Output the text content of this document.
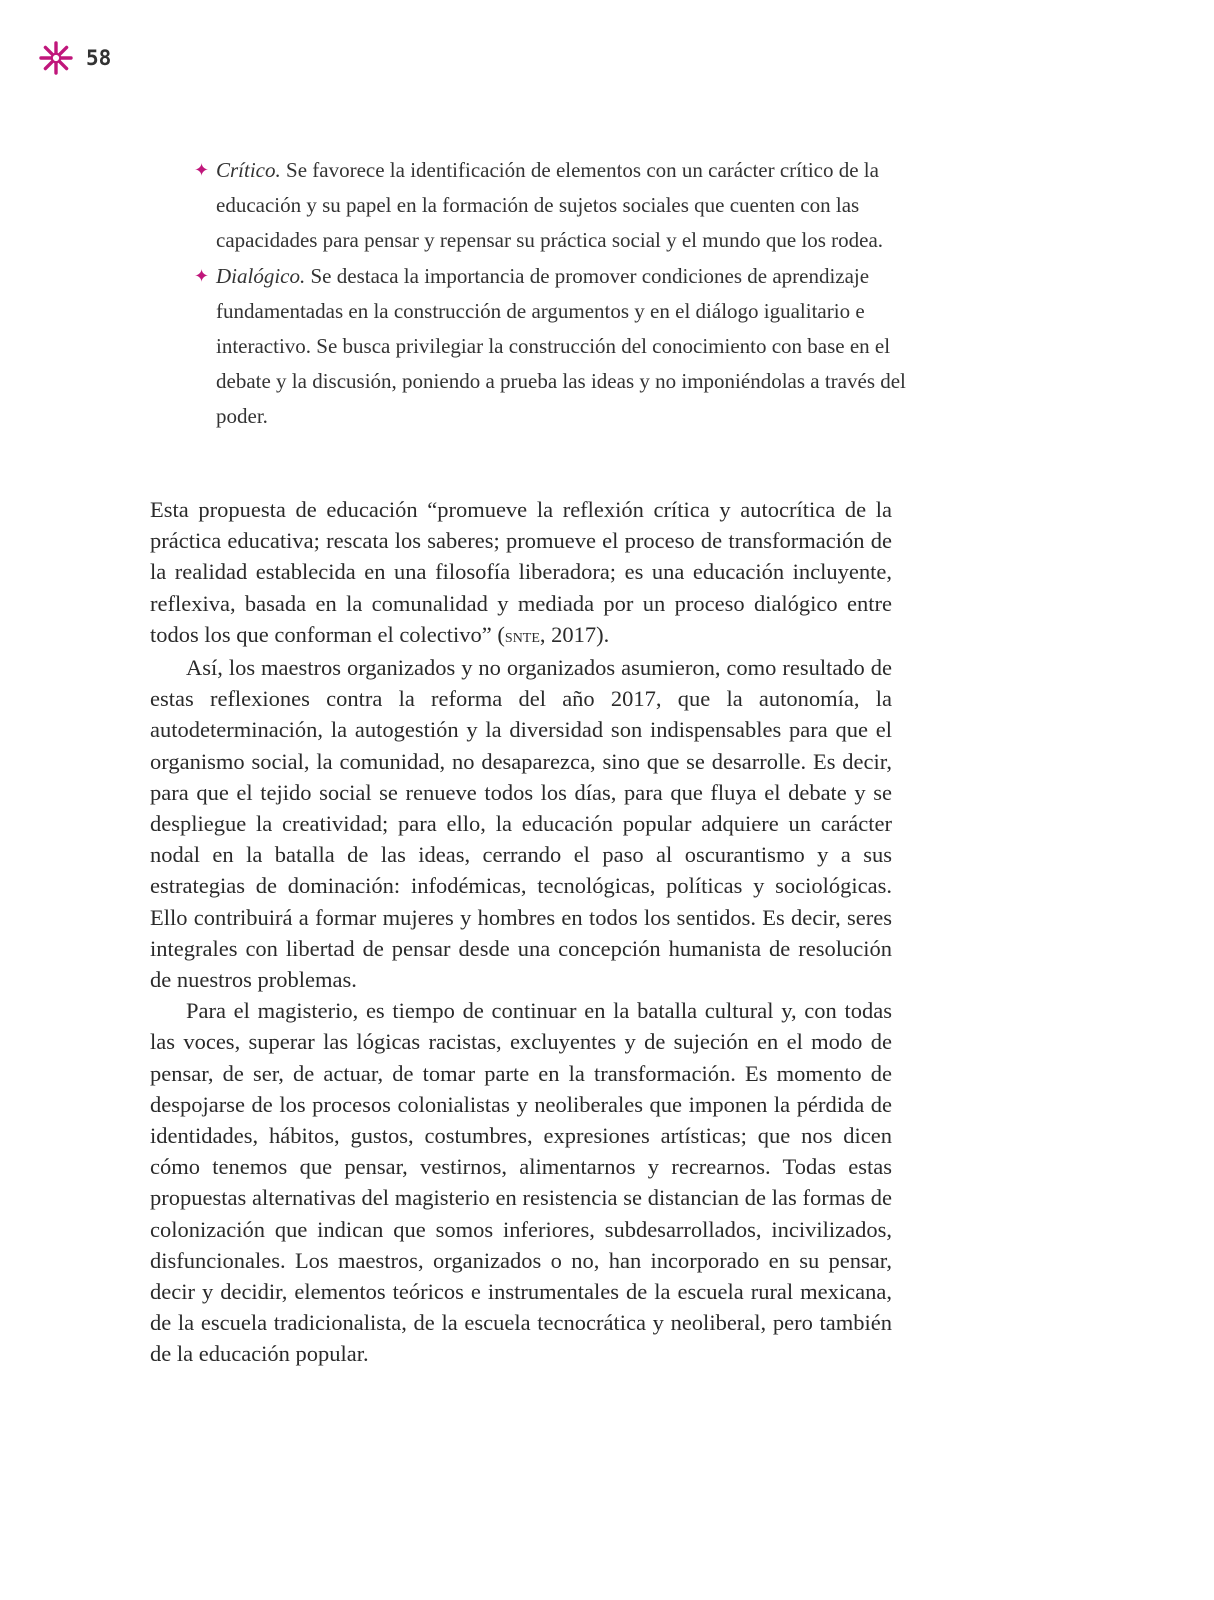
58
✦ Crítico. Se favorece la identificación de elementos con un carácter crítico de la educación y su papel en la formación de sujetos sociales que cuenten con las capacidades para pensar y repensar su práctica social y el mundo que los rodea.
✦ Dialógico. Se destaca la importancia de promover condiciones de aprendizaje fundamentadas en la construcción de argumentos y en el diálogo igualitario e interactivo. Se busca privilegiar la construcción del conocimiento con base en el debate y la discusión, poniendo a prueba las ideas y no imponiéndolas a través del poder.

Esta propuesta de educación “promueve la reflexión crítica y autocrítica de la práctica educativa; rescata los saberes; promueve el proceso de transformación de la realidad establecida en una filosofía liberadora; es una educación incluyente, reflexiva, basada en la comunalidad y mediada por un proceso dialógico entre todos los que conforman el colectivo” (snte, 2017).

Así, los maestros organizados y no organizados asumieron, como resultado de estas reflexiones contra la reforma del año 2017, que la autonomía, la autodeterminación, la autogestión y la diversidad son indispensables para que el organismo social, la comunidad, no desaparezca, sino que se desarrolle. Es decir, para que el tejido social se renueve todos los días, para que fluya el debate y se despliegue la creatividad; para ello, la educación popular adquiere un carácter nodal en la batalla de las ideas, cerrando el paso al oscurantismo y a sus estrategias de dominación: infodémicas, tecnológicas, políticas y sociológicas. Ello contribuirá a formar mujeres y hombres en todos los sentidos. Es decir, seres integrales con libertad de pensar desde una concepción humanista de resolución de nuestros problemas.

Para el magisterio, es tiempo de continuar en la batalla cultural y, con todas las voces, superar las lógicas racistas, excluyentes y de sujeción en el modo de pensar, de ser, de actuar, de tomar parte en la transformación. Es momento de despojarse de los procesos colonialistas y neoliberales que imponen la pérdida de identidades, hábitos, gustos, costumbres, expresiones artísticas; que nos dicen cómo tenemos que pensar, vestirnos, alimentarnos y recrearnos. Todas estas propuestas alternativas del magisterio en resistencia se distancian de las formas de colonización que indican que somos inferiores, subdesarrollados, incivilizados, disfuncionales. Los maestros, organizados o no, han incorporado en su pensar, decir y decidir, elementos teóricos e instrumentales de la escuela rural mexicana, de la escuela tradicionalista, de la escuela tecnocrática y neoliberal, pero también de la educación popular.
